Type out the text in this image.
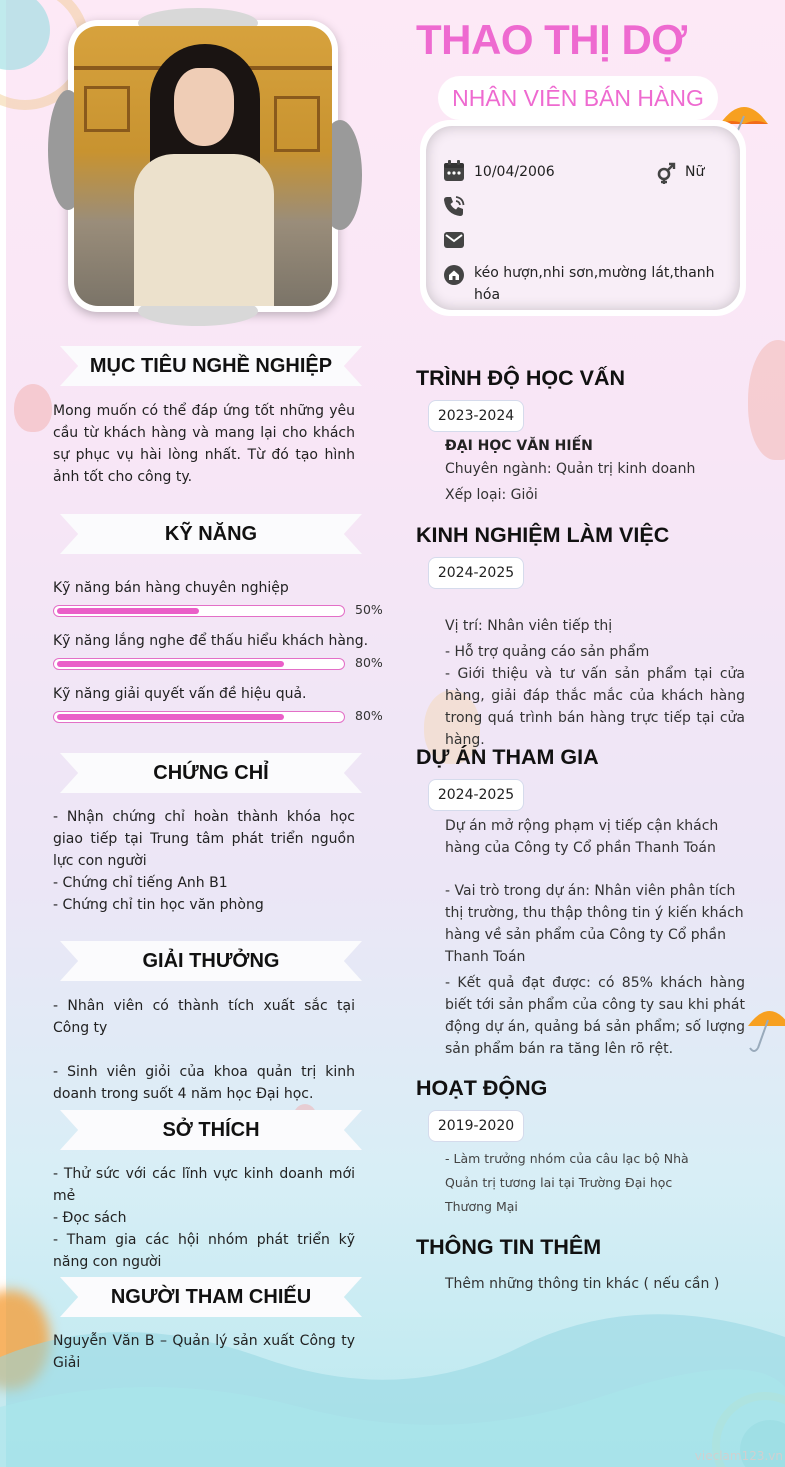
MỤC TIÊU NGHỀ NGHIỆP
Mong muốn có thể đáp ứng tốt những yêu cầu từ khách hàng và mang lại cho khách sự phục vụ hài lòng nhất. Từ đó tạo hình ảnh tốt cho công ty.
KỸ NĂNG
Kỹ năng bán hàng chuyên nghiệp
50%
Kỹ năng lắng nghe để thấu hiểu khách hàng.
80%
Kỹ năng giải quyết vấn đề hiệu quả.
80%
CHỨNG CHỈ

- Nhận chứng chỉ hoàn thành khóa học giao tiếp tại Trung tâm phát triển nguồn lực con người

- Chứng chỉ tiếng Anh B1

- Chứng chỉ tin học văn phòng

GIẢI THƯỞNG

- Nhân viên có thành tích xuất sắc tại Công ty

- Sinh viên giỏi của khoa quản trị kinh doanh trong suốt 4 năm học Đại học.

SỞ THÍCH

- Thử sức với các lĩnh vực kinh doanh mới mẻ

- Đọc sách

- Tham gia các hội nhóm phát triển kỹ năng con người

NGƯỜI THAM CHIẾU
Nguyễn Văn B – Quản lý sản xuất Công ty Giải
THAO THỊ DỢ
NHÂN VIÊN BÁN HÀNG
10/04/2006	Nữ
kéo hượn,nhi sơn,mường lát,thanh hóa
TRÌNH ĐỘ HỌC VẤN
2023-2024

ĐẠI HỌC VĂN HIẾN

Chuyên ngành: Quản trị kinh doanh

Xếp loại: Giỏi

KINH NGHIỆM LÀM VIỆC
2024-2025

Vị trí: Nhân viên tiếp thị

- Hỗ trợ quảng cáo sản phẩm

- Giới thiệu và tư vấn sản phẩm tại cửa hàng, giải đáp thắc mắc của khách hàng trong quá trình bán hàng trực tiếp tại cửa hàng.

DỰ ÁN THAM GIA
2024-2025
Dự án mở rộng phạm vị tiếp cận khách hàng của Công ty Cổ phần Thanh Toán
- Vai trò trong dự án: Nhân viên phân tích thị trường, thu thập thông tin ý kiến khách hàng về sản phẩm của Công ty Cổ phần Thanh Toán
- Kết quả đạt được: có 85% khách hàng biết tới sản phẩm của công ty sau khi phát động dự án, quảng bá sản phẩm; số lượng sản phẩm bán ra tăng lên rõ rệt.
HOẠT ĐỘNG
2019-2020

- Làm trưởng nhóm của câu lạc bộ Nhà

Quản trị tương lai tại Trường Đại học

Thương Mại

THÔNG TIN THÊM
Thêm những thông tin khác ( nếu cần )
vieclam123.vn
